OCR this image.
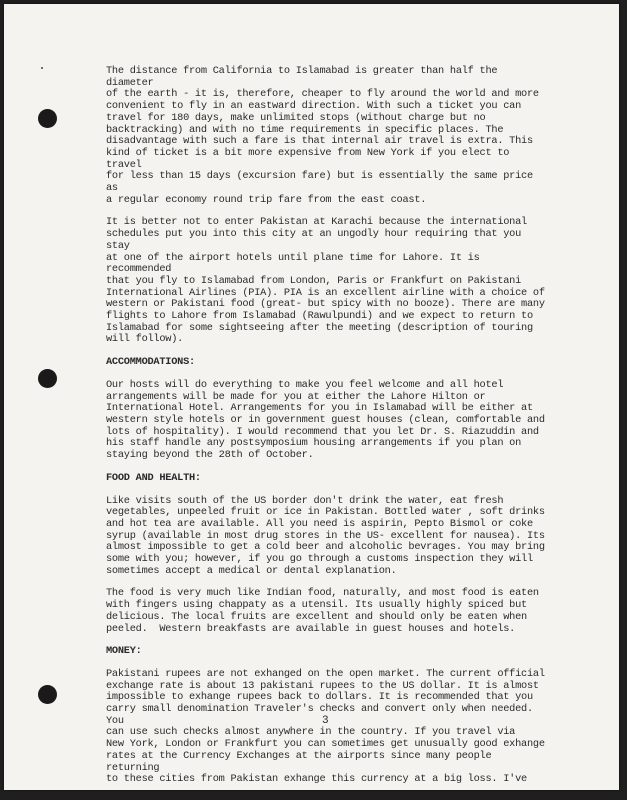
The distance from California to Islamabad is greater than half the diameter
of the earth - it is, therefore, cheaper to fly around the world and more
convenient to fly in an eastward direction. With such a ticket you can
travel for 180 days, make unlimited stops (without charge but no
backtracking) and with no time requirements in specific places. The
disadvantage with such a fare is that internal air travel is extra. This
kind of ticket is a bit more expensive from New York if you elect to travel
for less than 15 days (excursion fare) but is essentially the same price as
a regular economy round trip fare from the east coast.

It is better not to enter Pakistan at Karachi because the international
schedules put you into this city at an ungodly hour requiring that you stay
at one of the airport hotels until plane time for Lahore. It is recommended
that you fly to Islamabad from London, Paris or Frankfurt on Pakistani
International Airlines (PIA). PIA is an excellent airline with a choice of
western or Pakistani food (great- but spicy with no booze). There are many
flights to Lahore from Islamabad (Rawulpundi) and we expect to return to
Islamabad for some sightseeing after the meeting (description of touring
will follow).

ACCOMMODATIONS:

Our hosts will do everything to make you feel welcome and all hotel
arrangements will be made for you at either the Lahore Hilton or
International Hotel. Arrangements for you in Islamabad will be either at
western style hotels or in government guest houses (clean, comfortable and
lots of hospitality). I would recommend that you let Dr. S. Riazuddin and
his staff handle any postsymposium housing arrangements if you plan on
staying beyond the 28th of October.

FOOD AND HEALTH:

Like visits south of the US border don't drink the water, eat fresh
vegetables, unpeeled fruit or ice in Pakistan. Bottled water , soft drinks
and hot tea are available. All you need is aspirin, Pepto Bismol or coke
syrup (available in most drug stores in the US- excellent for nausea). Its
almost impossible to get a cold beer and alcoholic bevrages. You may bring
some with you; however, if you go through a customs inspection they will
sometimes accept a medical or dental explanation.

The food is very much like Indian food, naturally, and most food is eaten
with fingers using chappaty as a utensil. Its usually highly spiced but
delicious. The local fruits are excellent and should only be eaten when
peeled.  Western breakfasts are available in guest houses and hotels.

MONEY:

Pakistani rupees are not exhanged on the open market. The current official
exchange rate is about 13 pakistani rupees to the US dollar. It is almost
impossible to exhange rupees back to dollars. It is recommended that you
carry small denomination Traveler's checks and convert only when needed. You
can use such checks almost anywhere in the country. If you travel via
New York, London or Frankfurt you can sometimes get unusually good exhange
rates at the Currency Exchanges at the airports since many people returning
to these cities from Pakistan exhange this currency at a big loss. I've

3
